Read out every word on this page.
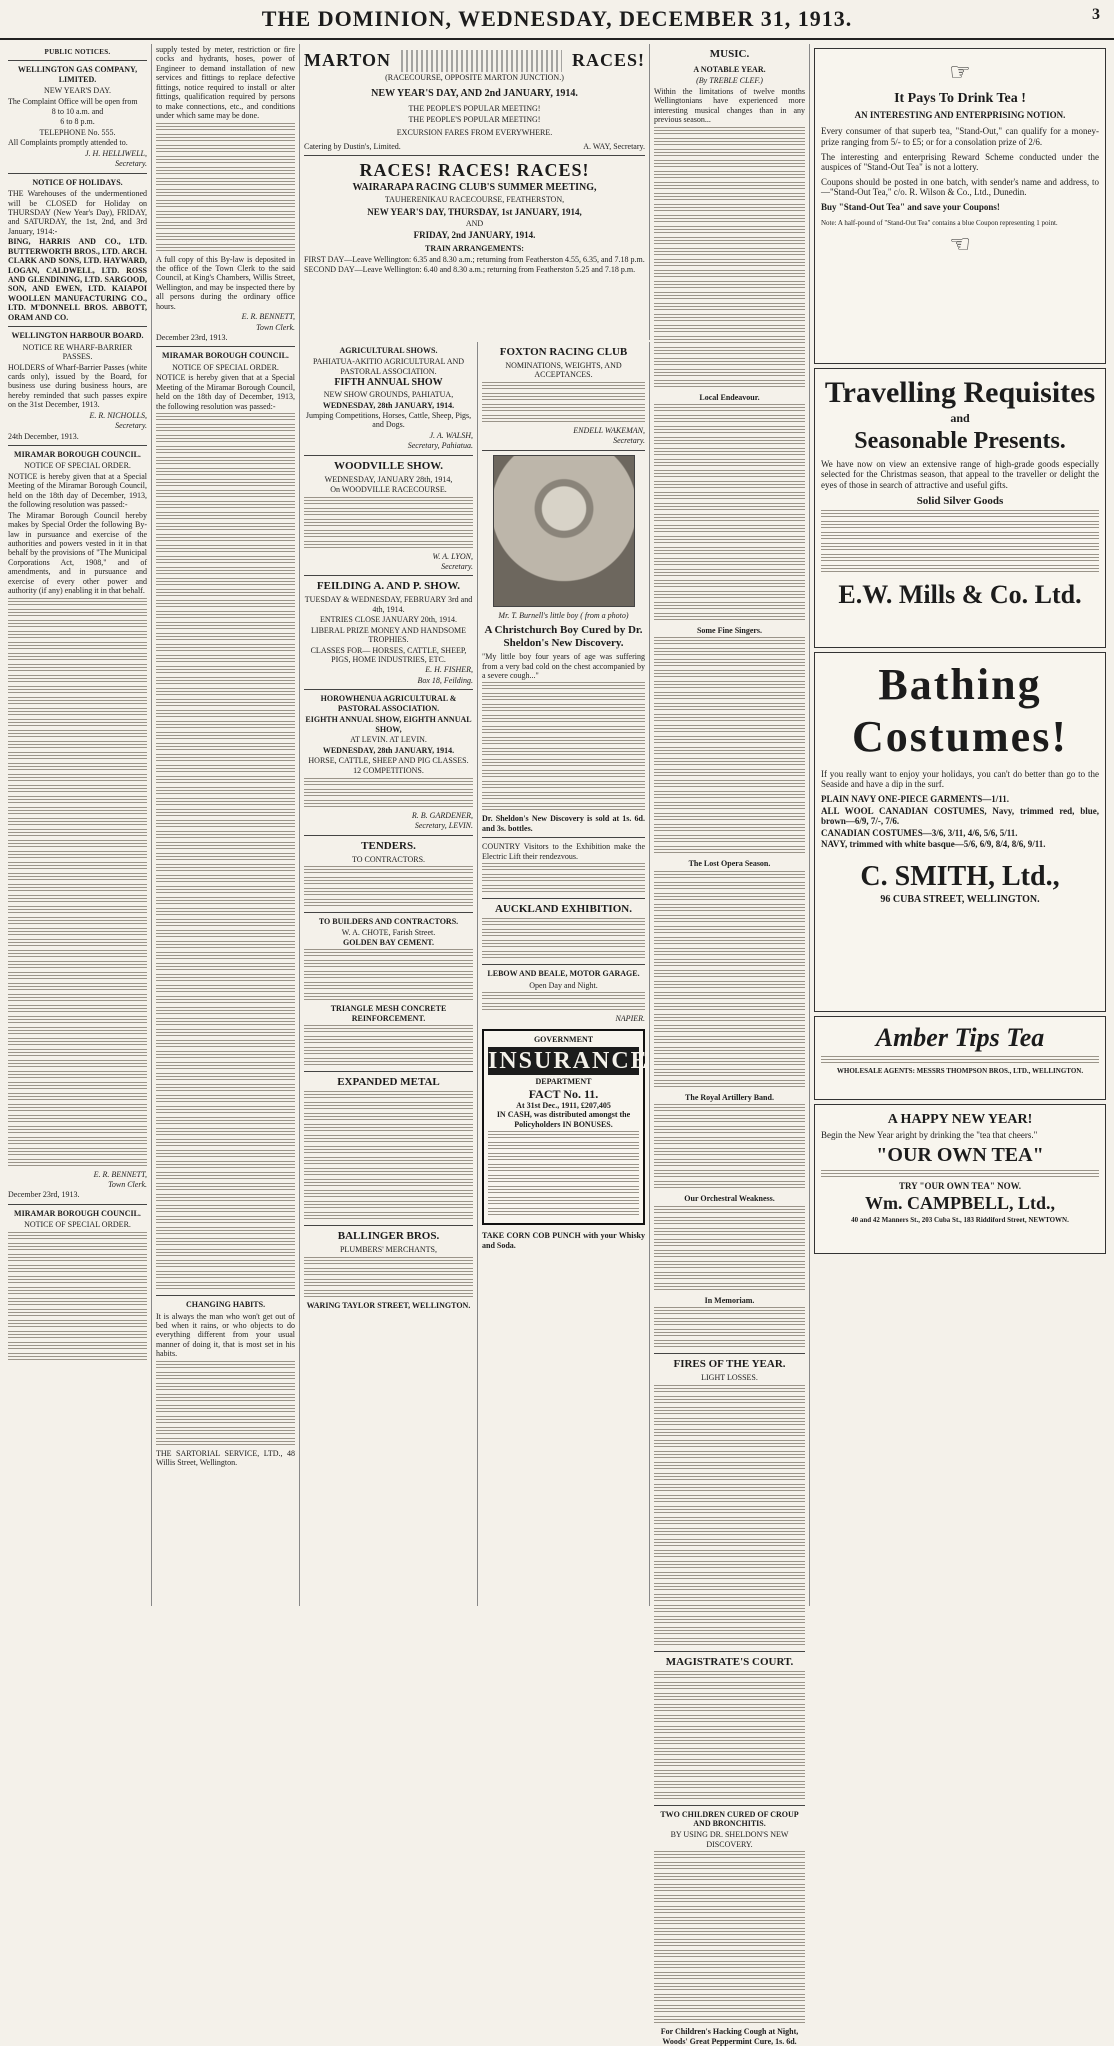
THE DOMINION, WEDNESDAY, DECEMBER 31, 1913.	3
PUBLIC NOTICES.
WELLINGTON GAS COMPANY, LIMITED.
NEW YEAR'S DAY.
The Complaint Office will be open from
8 to 10 a.m. and
6 to 8 p.m.
TELEPHONE No. 555.
All Complaints promptly attended to.
J. H. HELLIWELL,
Secretary.
NOTICE OF HOLIDAYS.
THE Warehouses of the undermentioned will be CLOSED for Holiday on THURSDAY (New Year's Day), FRIDAY, and SATURDAY, the 1st, 2nd, and 3rd January, 1914:-
BING, HARRIS AND CO., LTD. BUTTERWORTH BROS., LTD. ARCH. CLARK AND SONS, LTD. HAYWARD, LOGAN, CALDWELL, LTD. ROSS AND GLENDINING, LTD. SARGOOD, SON, AND EWEN, LTD. KAIAPOI WOOLLEN MANUFACTURING CO., LTD. M'DONNELL BROS. ABBOTT, ORAM AND CO.
WELLINGTON HARBOUR BOARD.
NOTICE RE WHARF-BARRIER PASSES.
HOLDERS of Wharf-Barrier Passes (white cards only), issued by the Board, for business use during business hours, are hereby reminded that such passes expire on the 31st December, 1913.
E. R. NICHOLLS,
Secretary.
24th December, 1913.
MIRAMAR BOROUGH COUNCIL.
NOTICE OF SPECIAL ORDER.
NOTICE is hereby given that at a Special Meeting of the Miramar Borough Council, held on the 18th day of December, 1913, the following resolution was passed:-
The Miramar Borough Council hereby makes by Special Order the following By-law in pursuance and exercise of the authorities and powers vested in it in that behalf by the provisions of "The Municipal Corporations Act, 1908," and of amendments, and in pursuance and exercise of every other power and authority (if any) enabling it in that behalf.
E. R. BENNETT,
Town Clerk.
December 23rd, 1913.
MIRAMAR BOROUGH COUNCIL.
NOTICE OF SPECIAL ORDER.
supply tested by meter, restriction or fire cocks and hydrants, hoses, power of Engineer to demand installation of new services and fittings to replace defective fittings, notice required to install or alter fittings, qualification required by persons to make connections, etc., and conditions under which same may be done.
A full copy of this By-law is deposited in the office of the Town Clerk to the said Council, at King's Chambers, Willis Street, Wellington, and may be inspected there by all persons during the ordinary office hours.
E. R. BENNETT,
Town Clerk.
December 23rd, 1913.
MIRAMAR BOROUGH COUNCIL.
NOTICE OF SPECIAL ORDER.
NOTICE is hereby given that at a Special Meeting of the Miramar Borough Council, held on the 18th day of December, 1913, the following resolution was passed:-
CHANGING HABITS.
It is always the man who won't get out of bed when it rains, or who objects to do everything different from your usual manner of doing it, that is most set in his habits.
THE SARTORIAL SERVICE, LTD., 48 Willis Street, Wellington.
MARTON	RACES!
(RACECOURSE, OPPOSITE MARTON JUNCTION.)
NEW YEAR'S DAY, AND 2nd JANUARY, 1914.
THE PEOPLE'S POPULAR MEETING!
THE PEOPLE'S POPULAR MEETING!
EXCURSION FARES FROM EVERYWHERE.
Catering by Dustin's, Limited.	A. WAY, Secretary.
RACES! RACES! RACES!
WAIRARAPA RACING CLUB'S SUMMER MEETING,
TAUHERENIKAU RACECOURSE, FEATHERSTON,
NEW YEAR'S DAY, THURSDAY, 1st JANUARY, 1914,
AND
FRIDAY, 2nd JANUARY, 1914.
TRAIN ARRANGEMENTS:
FIRST DAY—Leave Wellington: 6.35 and 8.30 a.m.; returning from Featherston 4.55, 6.35, and 7.18 p.m.
SECOND DAY—Leave Wellington: 6.40 and 8.30 a.m.; returning from Featherston 5.25 and 7.18 p.m.
AGRICULTURAL SHOWS.
PAHIATUA-AKITIO AGRICULTURAL AND PASTORAL ASSOCIATION.
FIFTH ANNUAL SHOW
NEW SHOW GROUNDS, PAHIATUA,
WEDNESDAY, 28th JANUARY, 1914.
Jumping Competitions, Horses, Cattle, Sheep, Pigs, and Dogs.
J. A. WALSH,
Secretary, Pahiatua.
WOODVILLE SHOW.
WEDNESDAY, JANUARY 28th, 1914,
On WOODVILLE RACECOURSE.
W. A. LYON,
Secretary.
FEILDING A. AND P. SHOW.
TUESDAY & WEDNESDAY, FEBRUARY 3rd and 4th, 1914.
ENTRIES CLOSE JANUARY 20th, 1914.
LIBERAL PRIZE MONEY AND HANDSOME TROPHIES.
CLASSES FOR— HORSES, CATTLE, SHEEP, PIGS, HOME INDUSTRIES, ETC.
E. H. FISHER,
Box 18, Feilding.
HOROWHENUA AGRICULTURAL & PASTORAL ASSOCIATION.
EIGHTH ANNUAL SHOW, EIGHTH ANNUAL SHOW,
AT LEVIN. AT LEVIN.
WEDNESDAY, 28th JANUARY, 1914.
HORSE, CATTLE, SHEEP AND PIG CLASSES.
12 COMPETITIONS.
R. B. GARDENER,
Secretary, LEVIN.
TENDERS.
TO CONTRACTORS.
TO BUILDERS AND CONTRACTORS.
W. A. CHOTE, Farish Street.
GOLDEN BAY CEMENT.
TRIANGLE MESH CONCRETE REINFORCEMENT.
EXPANDED METAL
BALLINGER BROS.
PLUMBERS' MERCHANTS,
WARING TAYLOR STREET, WELLINGTON.
FOXTON RACING CLUB
NOMINATIONS, WEIGHTS, AND ACCEPTANCES.
ENDELL WAKEMAN,
Secretary.
Mr. T. Burnell's little boy ( from a photo)
A Christchurch Boy Cured by Dr. Sheldon's New Discovery.
"My little boy four years of age was suffering from a very bad cold on the chest accompanied by a severe cough..."
Dr. Sheldon's New Discovery is sold at 1s. 6d. and 3s. bottles.
COUNTRY Visitors to the Exhibition make the Electric Lift their rendezvous.
AUCKLAND EXHIBITION.
LEBOW AND BEALE, MOTOR GARAGE.
Open Day and Night.
NAPIER.
GOVERNMENT
INSURANCE
DEPARTMENT
FACT No. 11.
At 31st Dec., 1911, £207,405
IN CASH, was distributed amongst the Policyholders IN BONUSES.
TAKE CORN COB PUNCH with your Whisky and Soda.
MUSIC.
A NOTABLE YEAR.
(By TREBLE CLEF.)
Within the limitations of twelve months Wellingtonians have experienced more interesting musical changes than in any previous season...
Local Endeavour.
Some Fine Singers.
The Lost Opera Season.
The Royal Artillery Band.
Our Orchestral Weakness.
In Memoriam.
FIRES OF THE YEAR.
LIGHT LOSSES.
MAGISTRATE'S COURT.
TWO CHILDREN CURED OF CROUP AND BRONCHITIS.
BY USING DR. SHELDON'S NEW DISCOVERY.
For Children's Hacking Cough at Night, Woods' Great Peppermint Cure, 1s. 6d.
☞
It Pays To Drink Tea !
AN INTERESTING AND ENTERPRISING NOTION.
Every consumer of that superb tea, "Stand-Out," can qualify for a money-prize ranging from 5/- to £5; or for a consolation prize of 2/6.
The interesting and enterprising Reward Scheme conducted under the auspices of "Stand-Out Tea" is not a lottery.
Coupons should be posted in one batch, with sender's name and address, to—"Stand-Out Tea," c/o. R. Wilson & Co., Ltd., Dunedin.
Buy "Stand-Out Tea" and save your Coupons!
Note: A half-pound of "Stand-Out Tea" contains a blue Coupon representing 1 point.
☜
Travelling Requisites
and
Seasonable Presents.
We have now on view an extensive range of high-grade goods especially selected for the Christmas season, that appeal to the traveller or delight the eyes of those in search of attractive and useful gifts.
Solid Silver Goods
E.W. Mills & Co. Ltd.
Bathing
Costumes!
If you really want to enjoy your holidays, you can't do better than go to the Seaside and have a dip in the surf.
PLAIN NAVY ONE-PIECE GARMENTS—1/11.
ALL WOOL CANADIAN COSTUMES, Navy, trimmed red, blue, brown—6/9, 7/-, 7/6.
CANADIAN COSTUMES—3/6, 3/11, 4/6, 5/6, 5/11.
NAVY, trimmed with white basque—5/6, 6/9, 8/4, 8/6, 9/11.
C. SMITH, Ltd.,
96 CUBA STREET, WELLINGTON.
Amber Tips Tea
WHOLESALE AGENTS: MESSRS THOMPSON BROS., LTD., WELLINGTON.
A HAPPY NEW YEAR!
Begin the New Year aright by drinking the "tea that cheers."
"OUR OWN TEA"
TRY "OUR OWN TEA" NOW.
Wm. CAMPBELL, Ltd.,
40 and 42 Manners St., 203 Cuba St., 183 Riddiford Street, NEWTOWN.
